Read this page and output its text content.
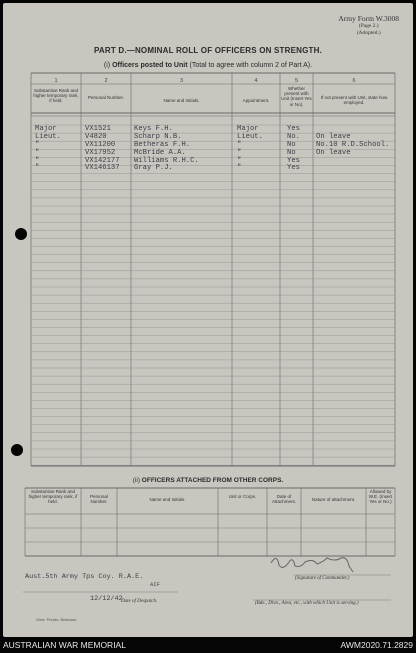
Army Form W.3008
(Page 2.)
(Adopted.)
PART D.—NOMINAL ROLL OF OFFICERS ON STRENGTH.
(i) Officers posted to Unit (Total to agree with column 2 of Part A).
1	2	3	4	5	6
Substantive Rank and higher temporary rank, if held.
Personal Number.
Name and Initials.	Appointment.
Whether present with Unit (Insert Yes or No).
If not present with Unit, state how employed.
Major	VX1521	Keys F.H.	Major	Yes
Lieut.	V4820	Scharp N.B.	Lieut.	No. On leave
"	VX11200	Betheras F.H.	"	No	No.10 R.D.School.
"	VX17952	McBride A.A.	"	No	On leave
"	VX142177 Williams R.H.C.	"	Yes
"	VX146137 Gray P.J.	"	Yes
(ii) OFFICERS ATTACHED FROM OTHER CORPS.
Substantive Rank and higher temporary rank, if held.
Personal Number.	Name and Initials.
Unit or Corps.	Date of Attachment.	Nature of attachment.
Allowed by W.E. (Insert Yes or No.)
Aust.5th Army Tps Coy. R.A.E.
AIF
(Signature of Commander.)
12/12/42
Date of Despatch.	(Bde., Divn., Area, etc., with which Unit is serving.)
Gest. Printer, Brisbane.
AUSTRALIAN WAR MEMORIAL	AWM2020.71.2829
